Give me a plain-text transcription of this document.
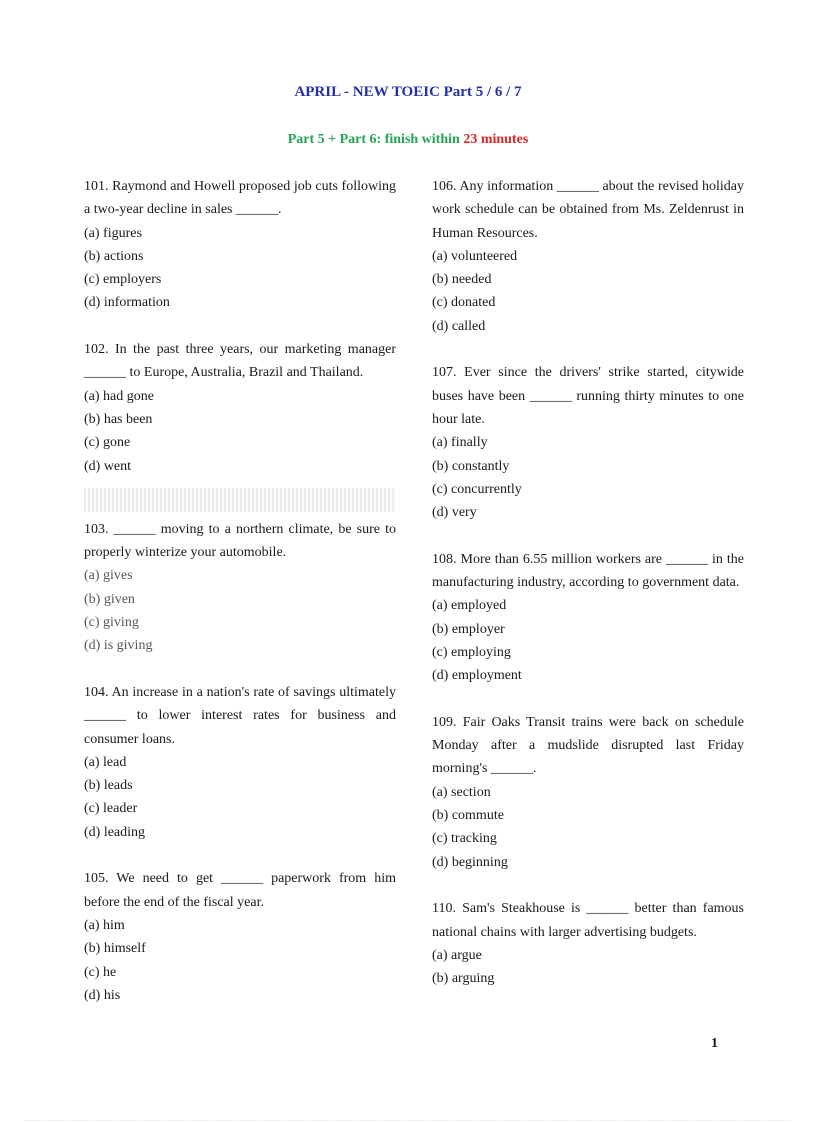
APRIL - NEW TOEIC Part 5 / 6 / 7
Part 5 + Part 6: finish within 23 minutes
101. Raymond and Howell proposed job cuts following a two-year decline in sales ______.
(a) figures
(b) actions
(c) employers
(d) information
102. In the past three years, our marketing manager ______ to Europe, Australia, Brazil and Thailand.
(a) had gone
(b) has been
(c) gone
(d) went
103. ______ moving to a northern climate, be sure to properly winterize your automobile.
(a) gives
(b) given
(c) giving
(d) is giving
104. An increase in a nation's rate of savings ultimately ______ to lower interest rates for business and consumer loans.
(a) lead
(b) leads
(c) leader
(d) leading
105. We need to get ______ paperwork from him before the end of the fiscal year.
(a) him
(b) himself
(c) he
(d) his
106. Any information ______ about the revised holiday work schedule can be obtained from Ms. Zeldenrust in Human Resources.
(a) volunteered
(b) needed
(c) donated
(d) called
107. Ever since the drivers' strike started, citywide buses have been ______ running thirty minutes to one hour late.
(a) finally
(b) constantly
(c) concurrently
(d) very
108. More than 6.55 million workers are ______ in the manufacturing industry, according to government data.
(a) employed
(b) employer
(c) employing
(d) employment
109. Fair Oaks Transit trains were back on schedule Monday after a mudslide disrupted last Friday morning's ______.
(a) section
(b) commute
(c) tracking
(d) beginning
110. Sam's Steakhouse is ______ better than famous national chains with larger advertising budgets.
(a) argue
(b) arguing
1
